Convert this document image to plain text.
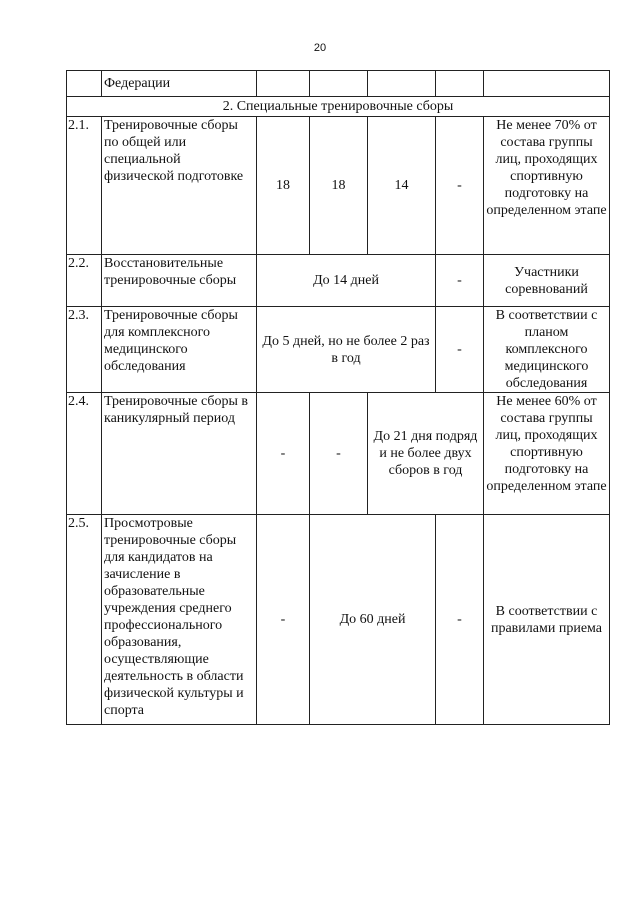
20
	Федерации					
2. Специальные тренировочные сборы						
2.1.	Тренировочные сборы по общей или специальной физической подготовке	18	18	14	-	Не менее 70% от состава группы лиц, проходящих спортивную подготовку на определенном этапе
2.2.	Восстановительные тренировочные сборы	До 14 дней			-	Участники соревнований
2.3.	Тренировочные сборы для комплексного медицинского обследования	До 5 дней, но не более 2 раз в год			-	В соответствии с планом комплексного медицинского обследования
2.4.	Тренировочные сборы в каникулярный период	-	-	До 21 дня подряд и не более двух сборов в год		Не менее 60% от состава группы лиц, проходящих спортивную подготовку на определенном этапе
2.5.	Просмотровые тренировочные сборы для кандидатов на зачисление в образовательные учреждения среднего профессионального образования, осуществляющие деятельность в области физической культуры и спорта	-	До 60 дней		-	В соответствии с правилами приема
